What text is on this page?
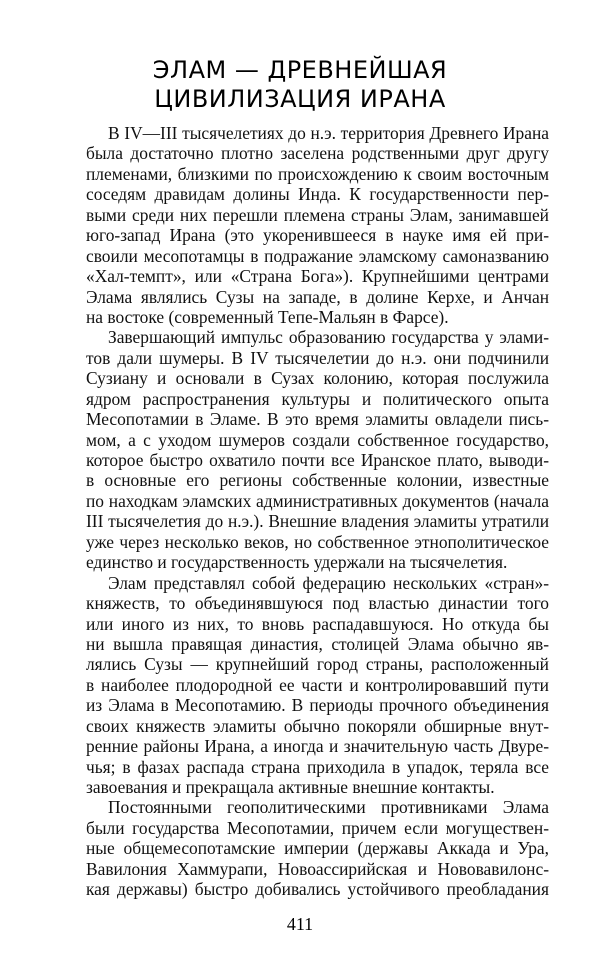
ЭЛАМ — ДРЕВНЕЙШАЯ
ЦИВИЛИЗАЦИЯ ИРАНА
В IV—III тысячелетиях до н.э. территория Древнего Ирана
была достаточно плотно заселена родственными друг другу
племенами, близкими по происхождению к своим восточным
соседям дравидам долины Инда. К государственности пер-
выми среди них перешли племена страны Элам, занимавшей
юго-запад Ирана (это укоренившееся в науке имя ей при-
своили месопотамцы в подражание эламскому самоназванию
«Хал-темпт», или «Страна Бога»). Крупнейшими центрами
Элама являлись Сузы на западе, в долине Керхе, и Анчан
на востоке (современный Тепе-Мальян в Фарсе).
Завершающий импульс образованию государства у элами-
тов дали шумеры. В IV тысячелетии до н.э. они подчинили
Сузиану и основали в Сузах колонию, которая послужила
ядром распространения культуры и политического опыта
Месопотамии в Эламе. В это время эламиты овладели пись-
мом, а с уходом шумеров создали собственное государство,
которое быстро охватило почти все Иранское плато, выводи-
в основные его регионы собственные колонии, известные
по находкам эламских административных документов (начала
III тысячелетия до н.э.). Внешние владения эламиты утратили
уже через несколько веков, но собственное этнополитическое
единство и государственность удержали на тысячелетия.
Элам представлял собой федерацию нескольких «стран»-
княжеств, то объединявшуюся под властью династии того
или иного из них, то вновь распадавшуюся. Но откуда бы
ни вышла правящая династия, столицей Элама обычно яв-
лялись Сузы — крупнейший город страны, расположенный
в наиболее плодородной ее части и контролировавший пути
из Элама в Месопотамию. В периоды прочного объединения
своих княжеств эламиты обычно покоряли обширные внут-
ренние районы Ирана, а иногда и значительную часть Двуре-
чья; в фазах распада страна приходила в упадок, теряла все
завоевания и прекращала активные внешние контакты.
Постоянными геополитическими противниками Элама
были государства Месопотамии, причем если могуществен-
ные общемесопотамские империи (державы Аккада и Ура,
Вавилония Хаммурапи, Новоассирийская и Нововавилонс-
кая державы) быстро добивались устойчивого преобладания
411
